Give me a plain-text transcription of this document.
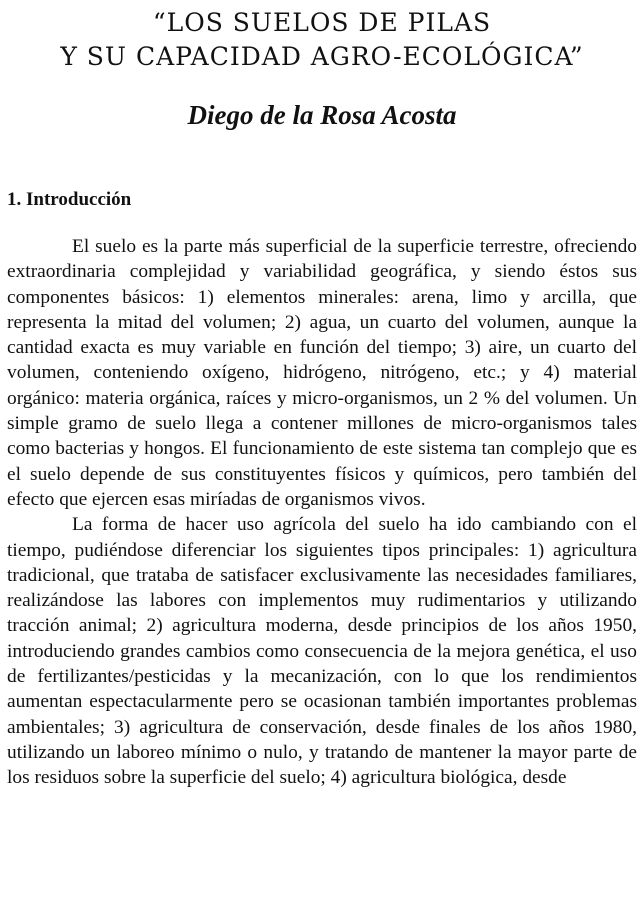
“LOS SUELOS DE PILAS
Y SU CAPACIDAD AGRO-ECOLÓGICA”
Diego de la Rosa Acosta
1. Introducción

El suelo es la parte más superficial de la superficie terrestre, ofreciendo extraordinaria complejidad y variabilidad geográfica, y siendo éstos sus componentes básicos: 1) elementos minerales: arena, limo y arcilla, que representa la mitad del volumen; 2) agua, un cuarto del volumen, aunque la cantidad exacta es muy variable en función del tiempo; 3) aire, un cuarto del volumen, conteniendo oxígeno, hidrógeno, nitrógeno, etc.; y 4) material orgánico: materia orgánica, raíces y micro-organismos, un 2 % del volumen. Un simple gramo de suelo llega a contener millones de micro-organismos tales como bacterias y hongos. El funcionamiento de este sistema tan complejo que es el suelo depende de sus constituyentes físicos y químicos, pero también del efecto que ejercen esas miríadas de organismos vivos.

La forma de hacer uso agrícola del suelo ha ido cambiando con el tiempo, pudiéndose diferenciar los siguientes tipos principales: 1) agricultura tradicional, que trataba de satisfacer exclusivamente las necesidades familiares, realizándose las labores con implementos muy rudimentarios y utilizando tracción animal; 2) agricultura moderna, desde principios de los años 1950, introduciendo grandes cambios como consecuencia de la mejora genética, el uso de fertilizantes/pesticidas y la mecanización, con lo que los rendimientos aumentan espectacularmente pero se ocasionan también importantes problemas ambientales; 3) agricultura de conservación, desde finales de los años 1980, utilizando un laboreo mínimo o nulo, y tratando de mantener la mayor parte de los residuos sobre la superficie del suelo; 4) agricultura biológica, desde
